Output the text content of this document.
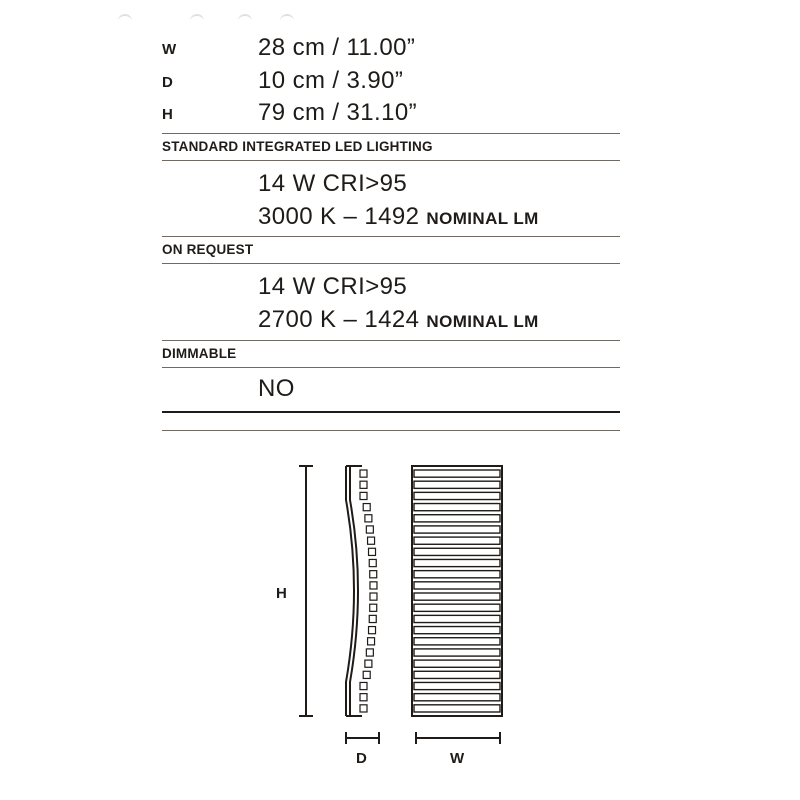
W	28 cm / 11.00”
D	10 cm / 3.90”
H	79 cm / 31.10”
STANDARD INTEGRATED LED LIGHTING
14 W CRI>95
3000 K – 1492 NOMINAL LM
ON REQUEST
14 W CRI>95
2700 K – 1424 NOMINAL LM
DIMMABLE
NO
H
D	W
